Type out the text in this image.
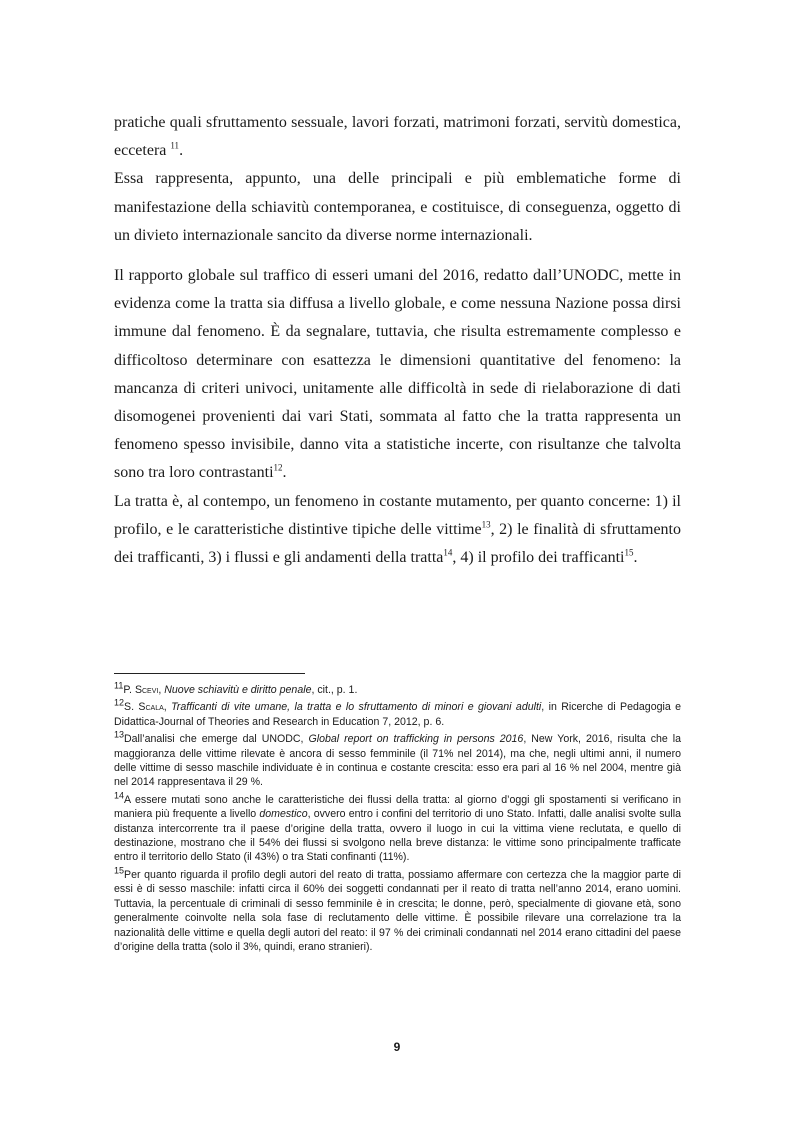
pratiche quali sfruttamento sessuale, lavori forzati, matrimoni forzati, servitù domestica, eccetera $^{11}$.

Essa rappresenta, appunto, una delle principali e più emblematiche forme di manifestazione della schiavitù contemporanea, e costituisce, di conseguenza, oggetto di un divieto internazionale sancito da diverse norme internazionali.

Il rapporto globale sul traffico di esseri umani del 2016, redatto dall’UNODC, mette in evidenza come la tratta sia diffusa a livello globale, e come nessuna Nazione possa dirsi immune dal fenomeno. È da segnalare, tuttavia, che risulta estremamente complesso e difficoltoso determinare con esattezza le dimensioni quantitative del fenomeno: la mancanza di criteri univoci, unitamente alle difficoltà in sede di rielaborazione di dati disomogenei provenienti dai vari Stati, sommata al fatto che la tratta rappresenta un fenomeno spesso invisibile, danno vita a statistiche incerte, con risultanze che talvolta sono tra loro contrastanti$^{12}$.

La tratta è, al contempo, un fenomeno in costante mutamento, per quanto concerne: 1) il profilo, e le caratteristiche distintive tipiche delle vittime$^{13}$, 2) le finalità di sfruttamento dei trafficanti, 3) i flussi e gli andamenti della tratta$^{14}$, 4) il profilo dei trafficanti$^{15}$.

$^{11}$P. Scevi, Nuove schiavitù e diritto penale, cit., p. 1.

$^{12}$S. Scala, Trafficanti di vite umane, la tratta e lo sfruttamento di minori e giovani adulti, in Ricerche di Pedagogia e Didattica-Journal of Theories and Research in Education 7, 2012, p. 6.

$^{13}$Dall’analisi che emerge dal UNODC, Global report on trafficking in persons 2016, New York, 2016, risulta che la maggioranza delle vittime rilevate è ancora di sesso femminile (il 71% nel 2014), ma che, negli ultimi anni, il numero delle vittime di sesso maschile individuate è in continua e costante crescita: esso era pari al 16 % nel 2004, mentre già nel 2014 rappresentava il 29 %.

$^{14}$A essere mutati sono anche le caratteristiche dei flussi della tratta: al giorno d’oggi gli spostamenti si verificano in maniera più frequente a livello domestico, ovvero entro i confini del territorio di uno Stato. Infatti, dalle analisi svolte sulla distanza intercorrente tra il paese d’origine della tratta, ovvero il luogo in cui la vittima viene reclutata, e quello di destinazione, mostrano che il 54% dei flussi si svolgono nella breve distanza: le vittime sono principalmente trafficate entro il territorio dello Stato (il 43%) o tra Stati confinanti (11%).

$^{15}$Per quanto riguarda il profilo degli autori del reato di tratta, possiamo affermare con certezza che la maggior parte di essi è di sesso maschile: infatti circa il 60% dei soggetti condannati per il reato di tratta nell’anno 2014, erano uomini. Tuttavia, la percentuale di criminali di sesso femminile è in crescita; le donne, però, specialmente di giovane età, sono generalmente coinvolte nella sola fase di reclutamento delle vittime. È possibile rilevare una correlazione tra la nazionalità delle vittime e quella degli autori del reato: il 97 % dei criminali condannati nel 2014 erano cittadini del paese d’origine della tratta (solo il 3%, quindi, erano stranieri).

9
